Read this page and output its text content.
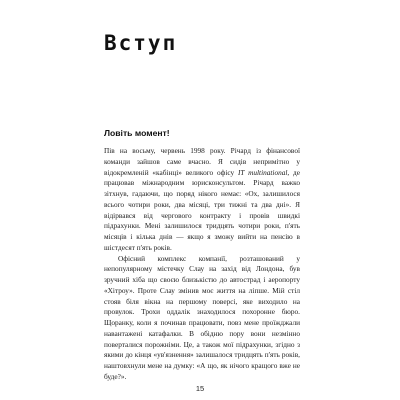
Вступ
Ловіть момент!

Пів на восьму, червень 1998 року. Річард із фінансової команди зайшов саме вчасно. Я сидів непримітно у відокремленій «кабінці» великого офісу IT multinational, де працював міжнародним юрисконсультом. Річард важко зітхнув, гадаючи, що поряд нікого немає: «Ох, залишилося всього чотири роки, два місяці, три тижні та два дні». Я відірвався від чергового контракту і провів швидкі підрахунки. Мені залишилося тридцять чотири роки, п'ять місяців і кілька днів — якщо я зможу вийти на пенсію в шістдесят п'ять років.

Офісний комплекс компанії, розташований у непопулярному містечку Слау на захід від Лондона, був зручний хіба що своєю близькістю до автострад і аеропорту «Хітроу». Проте Слау змінив моє життя на ліпше. Мій стіл стояв біля вікна на першому поверсі, яке виходило на провулок. Трохи оддалік знаходилося похоронне бюро. Щоранку, коли я починав працювати, повз мене проїжджали навантажені катафалки. В обідню пору вони незмінно поверталися порожніми. Це, а також мої підрахунки, згідно з якими до кінця «ув'язнення» залишалося тридцять п'ять років, наштовхнули мене на думку: «А що, як нічого кращого вже не буде?».

15
